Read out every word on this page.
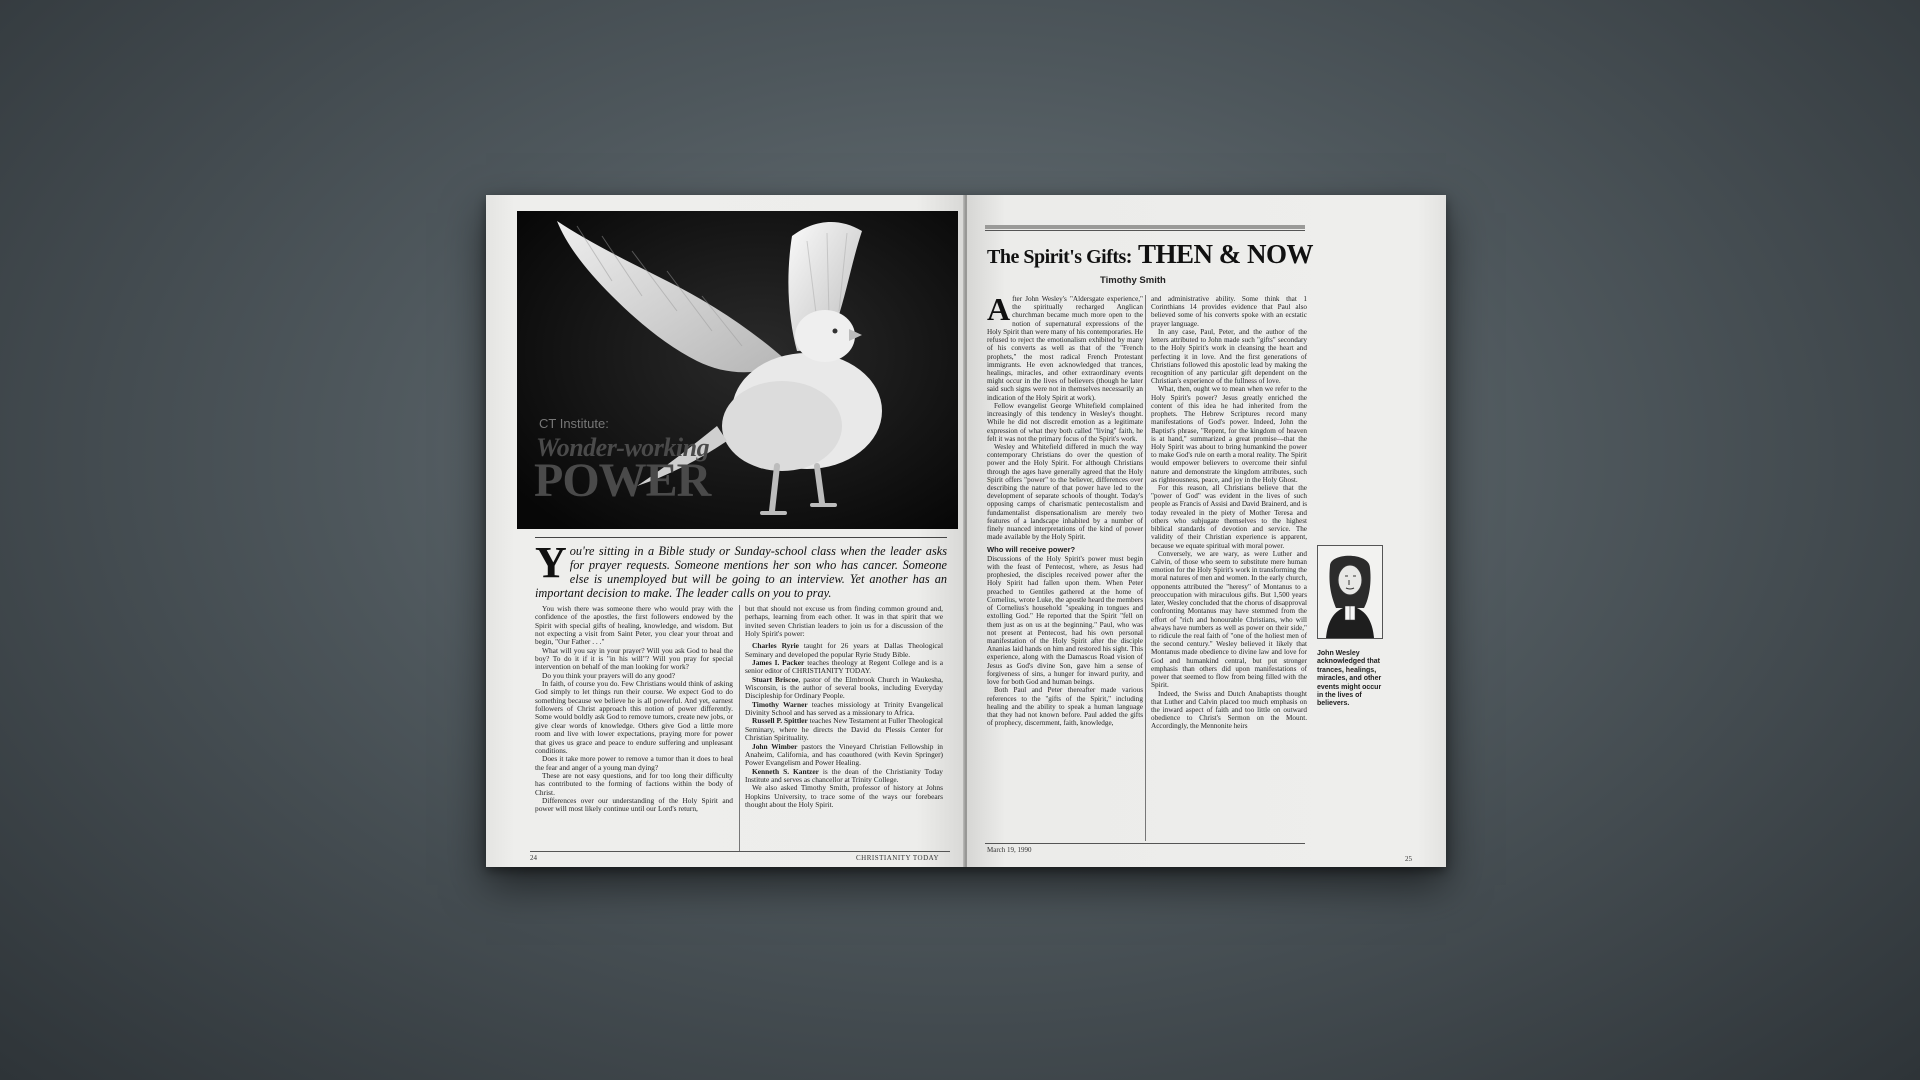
CT Institute:
Wonder-working
POWER
Y ou're sitting in a Bible study or Sunday-school class when the leader asks for prayer requests. Someone mentions her son who has cancer. Someone else is unemployed but will be going to an interview. Yet another has an important decision to make. The leader calls on you to pray.

You wish there was someone there who would pray with the confidence of the apostles, the first followers endowed by the Spirit with special gifts of healing, knowledge, and wisdom. But not expecting a visit from Saint Peter, you clear your throat and begin, "Our Father . . ."

What will you say in your prayer? Will you ask God to heal the boy? To do it if it is "in his will"? Will you pray for special intervention on behalf of the man looking for work?

Do you think your prayers will do any good?

In faith, of course you do. Few Christians would think of asking God simply to let things run their course. We expect God to do something because we believe he is all powerful. And yet, earnest followers of Christ approach this notion of power differently. Some would boldly ask God to remove tumors, create new jobs, or give clear words of knowledge. Others give God a little more room and live with lower expectations, praying more for power that gives us grace and peace to endure suffering and unpleasant conditions.

Does it take more power to remove a tumor than it does to heal the fear and anger of a young man dying?

These are not easy questions, and for too long their difficulty has contributed to the forming of factions within the body of Christ.

Differences over our understanding of the Holy Spirit and power will most likely continue until our Lord's return,

but that should not excuse us from finding common ground and, perhaps, learning from each other. It was in that spirit that we invited seven Christian leaders to join us for a discussion of the Holy Spirit's power:

Charles Ryrie taught for 26 years at Dallas Theological Seminary and developed the popular Ryrie Study Bible.

James I. Packer teaches theology at Regent College and is a senior editor of CHRISTIANITY TODAY.

Stuart Briscoe, pastor of the Elmbrook Church in Waukesha, Wisconsin, is the author of several books, including Everyday Discipleship for Ordinary People.

Timothy Warner teaches missiology at Trinity Evangelical Divinity School and has served as a missionary to Africa.

Russell P. Spittler teaches New Testament at Fuller Theological Seminary, where he directs the David du Plessis Center for Christian Spirituality.

John Wimber pastors the Vineyard Christian Fellowship in Anaheim, California, and has coauthored (with Kevin Springer) Power Evangelism and Power Healing.

Kenneth S. Kantzer is the dean of the Christianity Today Institute and serves as chancellor at Trinity College.

We also asked Timothy Smith, professor of history at Johns Hopkins University, to trace some of the ways our forebears thought about the Holy Spirit.

24	CHRISTIANITY TODAY
The Spirit's Gifts: THEN & NOW
Timothy Smith
A fter John Wesley's "Aldersgate experience," the spiritually recharged Anglican churchman became much more open to the notion of supernatural expressions of the Holy Spirit than were many of his contemporaries. He refused to reject the emotionalism exhibited by many of his converts as well as that of the "French prophets," the most radical French Protestant immigrants. He even acknowledged that trances, healings, miracles, and other extraordinary events might occur in the lives of believers (though he later said such signs were not in themselves necessarily an indication of the Holy Spirit at work).

Fellow evangelist George Whitefield complained increasingly of this tendency in Wesley's thought. While he did not discredit emotion as a legitimate expression of what they both called "living" faith, he felt it was not the primary focus of the Spirit's work.

Wesley and Whitefield differed in much the way contemporary Christians do over the question of power and the Holy Spirit. For although Christians through the ages have generally agreed that the Holy Spirit offers "power" to the believer, differences over describing the nature of that power have led to the development of separate schools of thought. Today's opposing camps of charismatic pentecostalism and fundamentalist dispensationalism are merely two features of a landscape inhabited by a number of finely nuanced interpretations of the kind of power made available by the Holy Spirit.

Who will receive power?

Discussions of the Holy Spirit's power must begin with the feast of Pentecost, where, as Jesus had prophesied, the disciples received power after the Holy Spirit had fallen upon them. When Peter preached to Gentiles gathered at the home of Cornelius, wrote Luke, the apostle heard the members of Cornelius's household "speaking in tongues and extolling God." He reported that the Spirit "fell on them just as on us at the beginning." Paul, who was not present at Pentecost, had his own personal manifestation of the Holy Spirit after the disciple Ananias laid hands on him and restored his sight. This experience, along with the Damascus Road vision of Jesus as God's divine Son, gave him a sense of forgiveness of sins, a hunger for inward purity, and love for both God and human beings.

Both Paul and Peter thereafter made various references to the "gifts of the Spirit," including healing and the ability to speak a human language that they had not known before. Paul added the gifts of prophecy, discernment, faith, knowledge,

and administrative ability. Some think that 1 Corinthians 14 provides evidence that Paul also believed some of his converts spoke with an ecstatic prayer language.

In any case, Paul, Peter, and the author of the letters attributed to John made such "gifts" secondary to the Holy Spirit's work in cleansing the heart and perfecting it in love. And the first generations of Christians followed this apostolic lead by making the recognition of any particular gift dependent on the Christian's experience of the fullness of love.

What, then, ought we to mean when we refer to the Holy Spirit's power? Jesus greatly enriched the content of this idea he had inherited from the prophets. The Hebrew Scriptures record many manifestations of God's power. Indeed, John the Baptist's phrase, "Repent, for the kingdom of heaven is at hand," summarized a great promise—that the Holy Spirit was about to bring humankind the power to make God's rule on earth a moral reality. The Spirit would empower believers to overcome their sinful nature and demonstrate the kingdom attributes, such as righteousness, peace, and joy in the Holy Ghost.

For this reason, all Christians believe that the "power of God" was evident in the lives of such people as Francis of Assisi and David Brainerd, and is today revealed in the piety of Mother Teresa and others who subjugate themselves to the highest biblical standards of devotion and service. The validity of their Christian experience is apparent, because we equate spiritual with moral power.

Conversely, we are wary, as were Luther and Calvin, of those who seem to substitute mere human emotion for the Holy Spirit's work in transforming the moral natures of men and women. In the early church, opponents attributed the "heresy" of Montanus to a preoccupation with miraculous gifts. But 1,500 years later, Wesley concluded that the chorus of disapproval confronting Montanus may have stemmed from the effort of "rich and honourable Christians, who will always have numbers as well as power on their side," to ridicule the real faith of "one of the holiest men of the second century." Wesley believed it likely that Montanus made obedience to divine law and love for God and humankind central, but put stronger emphasis than others did upon manifestations of power that seemed to flow from being filled with the Spirit.

Indeed, the Swiss and Dutch Anabaptists thought that Luther and Calvin placed too much emphasis on the inward aspect of faith and too little on outward obedience to Christ's Sermon on the Mount. Accordingly, the Mennonite heirs

John Wesley acknowledged that trances, healings, miracles, and other events might occur in the lives of believers.
March 19, 1990
25
